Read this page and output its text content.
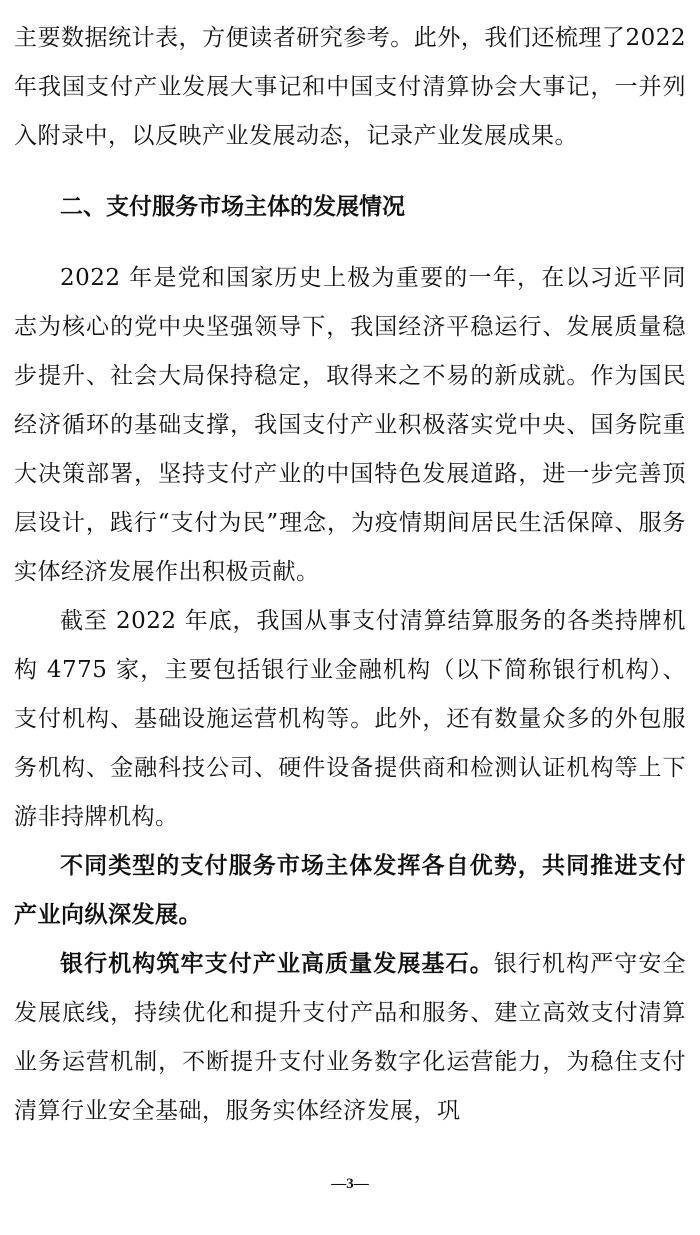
主要数据统计表，方便读者研究参考。此外，我们还梳理了2022 年我国支付产业发展大事记和中国支付清算协会大事记，一并列入附录中，以反映产业发展动态，记录产业发展成果。

二、支付服务市场主体的发展情况

2022 年是党和国家历史上极为重要的一年，在以习近平同志为核心的党中央坚强领导下，我国经济平稳运行、发展质量稳步提升、社会大局保持稳定，取得来之不易的新成就。作为国民经济循环的基础支撑，我国支付产业积极落实党中央、国务院重大决策部署，坚持支付产业的中国特色发展道路，进一步完善顶层设计，践行“支付为民”理念，为疫情期间居民生活保障、服务实体经济发展作出积极贡献。

截至 2022 年底，我国从事支付清算结算服务的各类持牌机构 4775 家，主要包括银行业金融机构（以下简称银行机构）、支付机构、基础设施运营机构等。此外，还有数量众多的外包服务机构、金融科技公司、硬件设备提供商和检测认证机构等上下游非持牌机构。

不同类型的支付服务市场主体发挥各自优势，共同推进支付产业向纵深发展。

银行机构筑牢支付产业高质量发展基石。银行机构严守安全发展底线，持续优化和提升支付产品和服务、建立高效支付清算业务运营机制，不断提升支付业务数字化运营能力，为稳住支付清算行业安全基础，服务实体经济发展，巩

—3—
